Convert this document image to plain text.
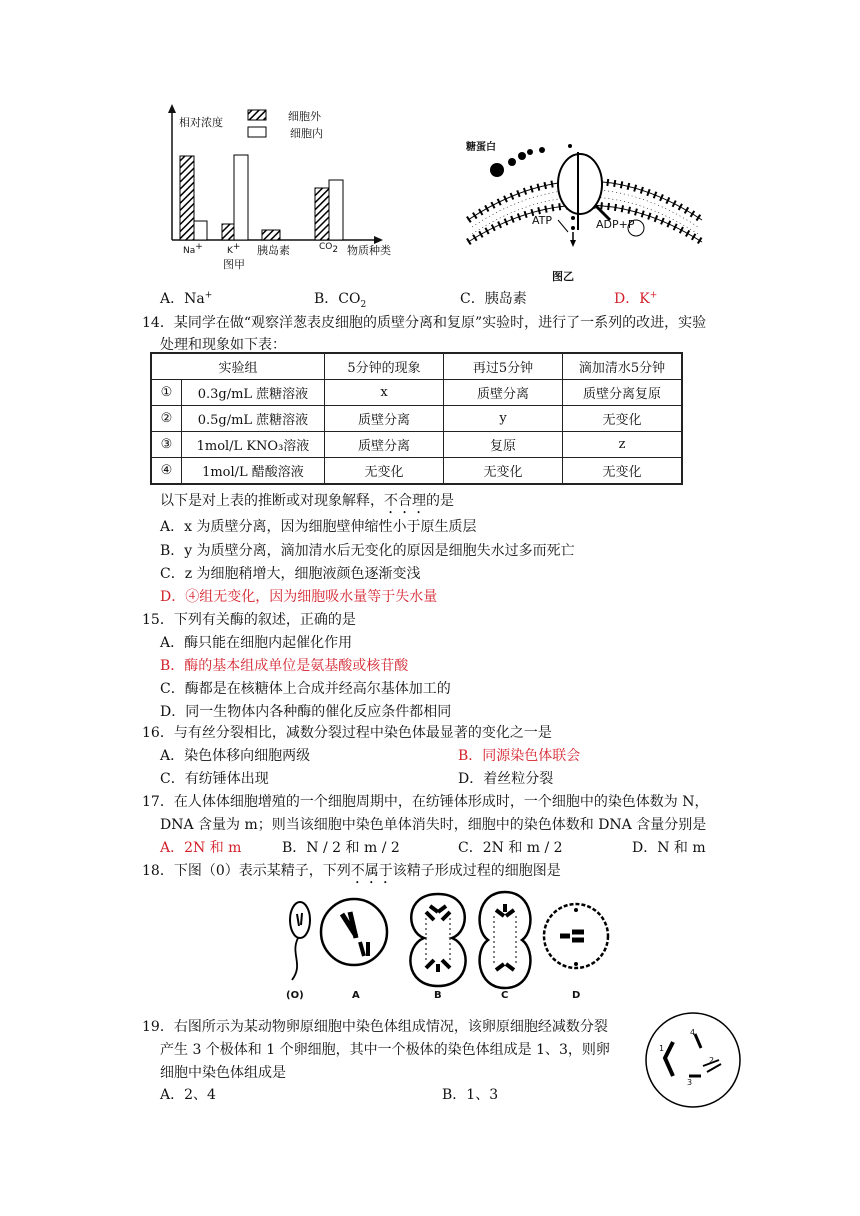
相对浓度	细胞外
细胞内
Na+	K+ 胰岛素	$CO_2$ 物质种类
图甲
糖蛋白
ATP	ADP+P
图乙
A．Na+	B．$CO_2$	C．胰岛素	D．K+
14．某同学在做“观察洋葱表皮细胞的质壁分离和复原”实验时，进行了一系列的改进，实验
处理和现象如下表：
实验组		5分钟的现象	再过5分钟	滴加清水5分钟
①	0.3g/mL 蔗糖溶液	x	质壁分离	质壁分离复原
②	0.5g/mL 蔗糖溶液	质壁分离	y	无变化
③	1mol/L KNO₃溶液	质壁分离	复原	z
④	1mol/L 醋酸溶液	无变化	无变化	无变化
以下是对上表的推断或对现象解释，不合理的是
A．x 为质壁分离，因为细胞壁伸缩性小于原生质层
B．y 为质壁分离，滴加清水后无变化的原因是细胞失水过多而死亡
C．z 为细胞稍增大，细胞液颜色逐渐变浅
D．④组无变化，因为细胞吸水量等于失水量
15．下列有关酶的叙述，正确的是
A．酶只能在细胞内起催化作用
B．酶的基本组成单位是氨基酸或核苷酸
C．酶都是在核糖体上合成并经高尔基体加工的
D．同一生物体内各种酶的催化反应条件都相同
16．与有丝分裂相比，减数分裂过程中染色体最显著的变化之一是
A．染色体移向细胞两级	B．同源染色体联会
C．有纺锤体出现	D．着丝粒分裂
17．在人体体细胞增殖的一个细胞周期中，在纺锤体形成时，一个细胞中的染色体数为 N，
DNA 含量为 m；则当该细胞中染色单体消失时，细胞中的染色体数和 DNA 含量分别是
A．2N 和 m	B．N / 2 和 m / 2	C．2N 和 m / 2	D．N 和 m
18．下图（0）表示某精子，下列不属于该精子形成过程的细胞图是
(O)	A	B	C	D
19．右图所示为某动物卵原细胞中染色体组成情况，该卵原细胞经减数分裂
产生 3 个极体和 1 个卵细胞，其中一个极体的染色体组成是 1、3，则卵
细胞中染色体组成是
A．2、4	B．1、3
1
2
3
4
